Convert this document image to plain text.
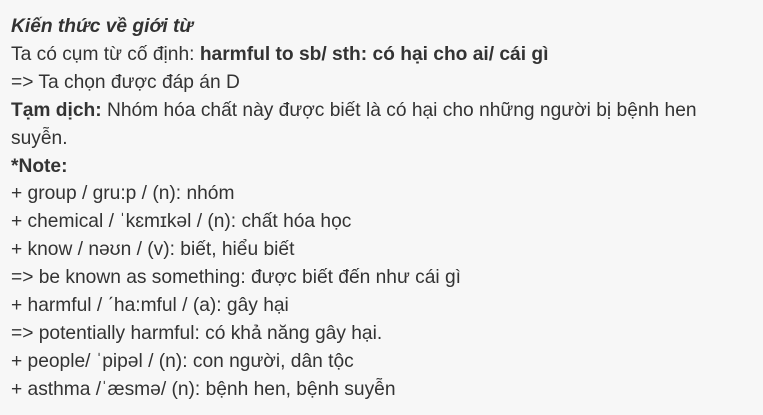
Kiến thức về giới từ
Ta có cụm từ cố định: harmful to sb/ sth: có hại cho ai/ cái gì
=> Ta chọn được đáp án D
Tạm dịch: Nhóm hóa chất này được biết là có hại cho những người bị bệnh hen suyễn.
*Note:
+ group / gru:p / (n): nhóm
+ chemical / ˈkɛmɪkəl / (n): chất hóa học
+ know / nəʊn / (v): biết, hiểu biết
=> be known as something: được biết đến như cái gì
+ harmful / ˊha:mful / (a): gây hại
=> potentially harmful: có khả năng gây hại.
+ people/ ˈpipəl / (n): con người, dân tộc
+ asthma /ˈæsmə/ (n): bệnh hen, bệnh suyễn
